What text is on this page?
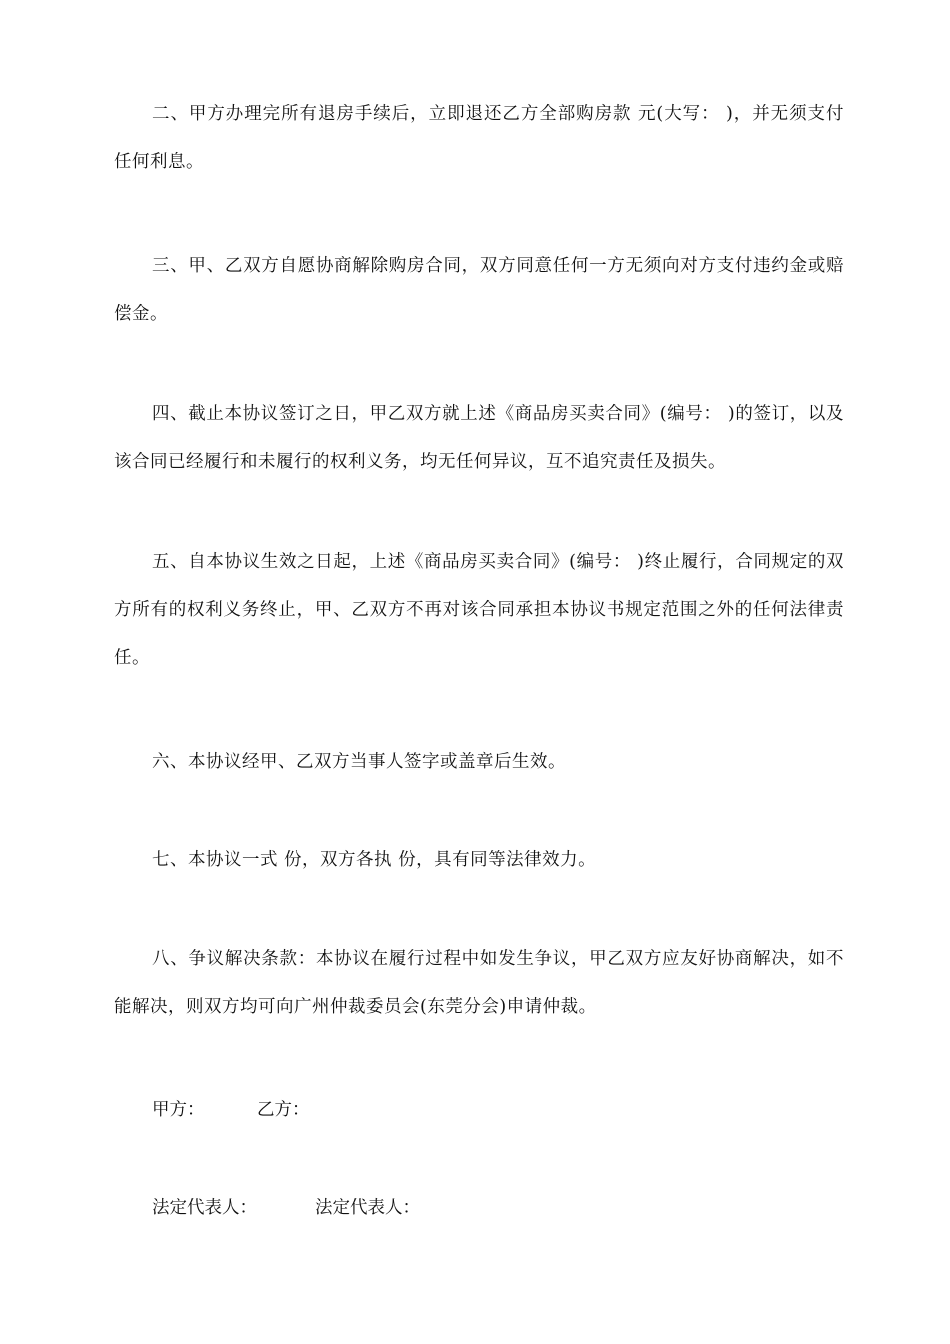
二、甲方办理完所有退房手续后，立即退还乙方全部购房款 元(大写： )，并无须支付任何利息。

三、甲、乙双方自愿协商解除购房合同，双方同意任何一方无须向对方支付违约金或赔偿金。

四、截止本协议签订之日，甲乙双方就上述《商品房买卖合同》(编号： )的签订，以及该合同已经履行和未履行的权利义务，均无任何异议，互不追究责任及损失。

五、自本协议生效之日起，上述《商品房买卖合同》(编号： )终止履行，合同规定的双方所有的权利义务终止，甲、乙双方不再对该合同承担本协议书规定范围之外的任何法律责任。

六、本协议经甲、乙双方当事人签字或盖章后生效。

七、本协议一式 份，双方各执 份，具有同等法律效力。

八、争议解决条款：本协议在履行过程中如发生争议，甲乙双方应友好协商解决，如不能解决，则双方均可向广州仲裁委员会(东莞分会)申请仲裁。

甲方：	乙方：
法定代表人：	法定代表人：
